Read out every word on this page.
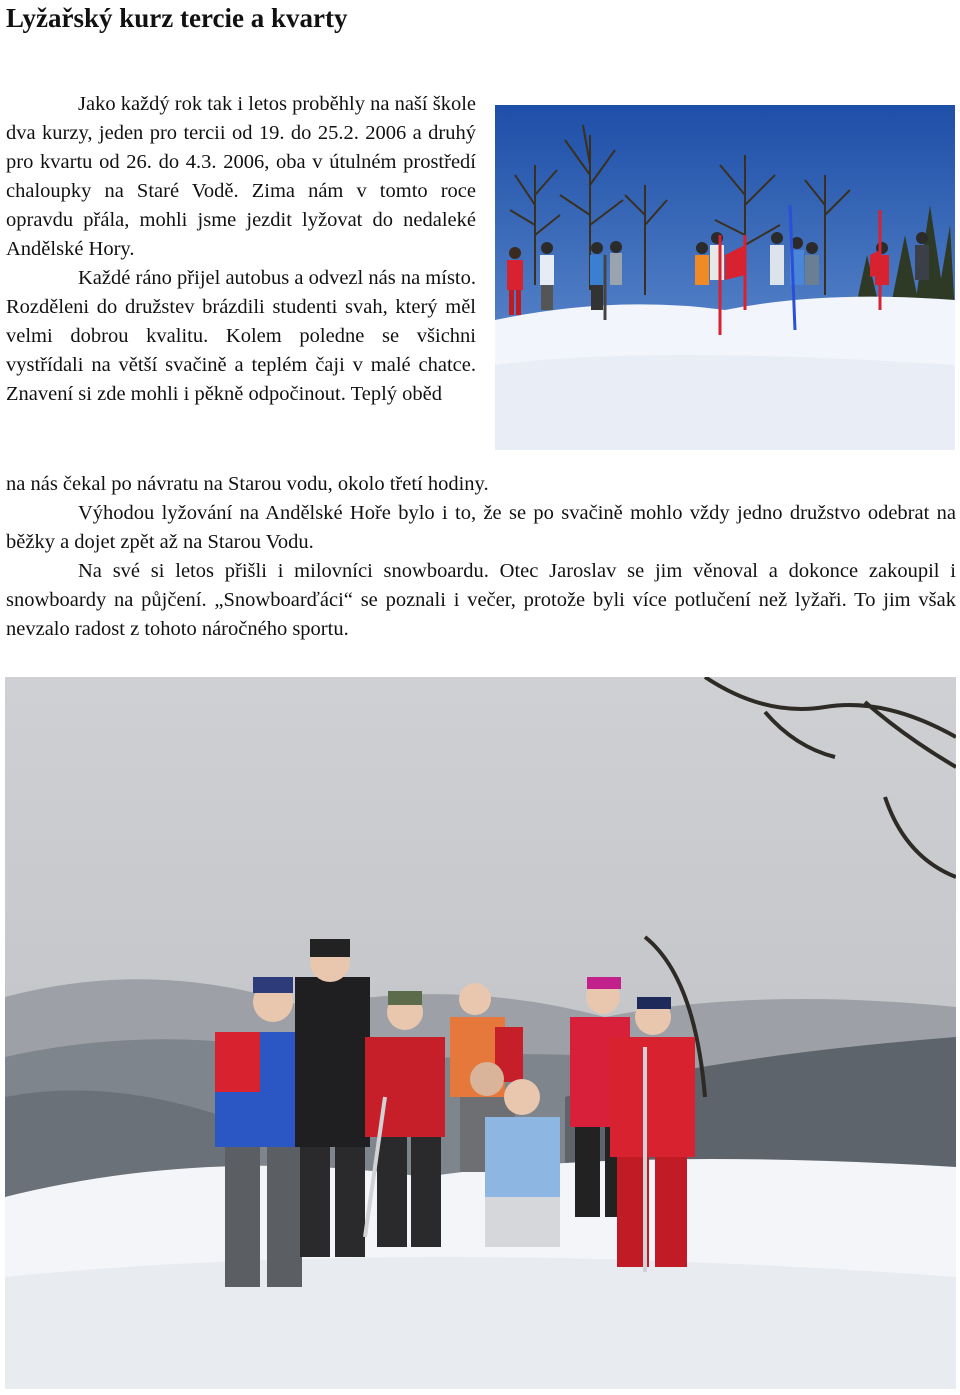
Lyžařský kurz tercie a kvarty

Jako každý rok tak i letos proběhly na naší škole dva kurzy, jeden pro tercii od 19. do 25.2. 2006 a druhý pro kvartu od 26. do 4.3. 2006, oba v útulném prostředí chaloupky na Staré Vodě. Zima nám v tomto roce opravdu přála, mohli jsme jezdit lyžovat do nedaleké Andělské Hory.

Každé ráno přijel autobus a odvezl nás na místo. Rozděleni do družstev brázdili studenti svah, který měl velmi dobrou kvalitu. Kolem poledne se všichni vystřídali na větší svačině a teplém čaji v malé chatce. Znavení si zde mohli i pěkně odpočinout. Teplý oběd

na nás čekal po návratu na Starou vodu, okolo třetí hodiny.

Výhodou lyžování na Andělské Hoře bylo i to, že se po svačině mohlo vždy jedno družstvo odebrat na běžky a dojet zpět až na Starou Vodu.

Na své si letos přišli i milovníci snowboardu. Otec Jaroslav se jim věnoval a dokonce zakoupil i snowboardy na půjčení. „Snowboarďáci“ se poznali i večer, protože byli více potlučení než lyžaři. To jim však nevzalo radost z tohoto náročného sportu.
